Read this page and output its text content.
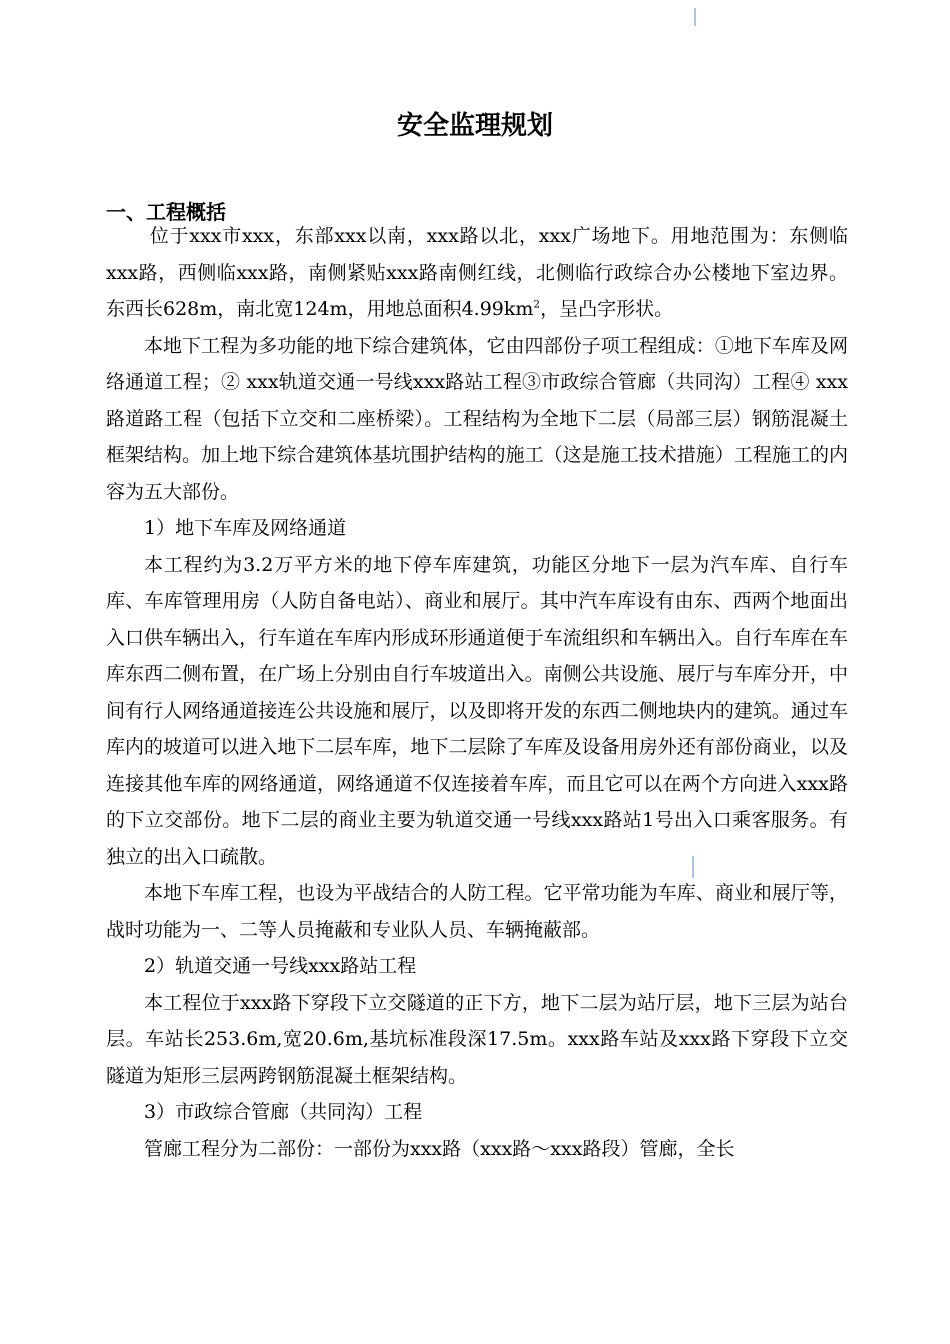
安全监理规划
一、工程概括

位于xxx市xxx，东部xxx以南，xxx路以北，xxx广场地下。用地范围为：东侧临xxx路，西侧临xxx路，南侧紧贴xxx路南侧红线，北侧临行政综合办公楼地下室边界。东西长628m，南北宽124m，用地总面积$4.99km^2$，呈凸字形状。

本地下工程为多功能的地下综合建筑体，它由四部份子项工程组成：①地下车库及网络通道工程；② xxx轨道交通一号线xxx路站工程③市政综合管廊（共同沟）工程④ xxx路道路工程（包括下立交和二座桥梁）。工程结构为全地下二层（局部三层）钢筋混凝土框架结构。加上地下综合建筑体基坑围护结构的施工（这是施工技术措施）工程施工的内容为五大部份。

1）地下车库及网络通道

本工程约为3.2万平方米的地下停车库建筑，功能区分地下一层为汽车库、自行车库、车库管理用房（人防自备电站）、商业和展厅。其中汽车库设有由东、西两个地面出入口供车辆出入，行车道在车库内形成环形通道便于车流组织和车辆出入。自行车库在车库东西二侧布置，在广场上分别由自行车坡道出入。南侧公共设施、展厅与车库分开，中间有行人网络通道接连公共设施和展厅，以及即将开发的东西二侧地块内的建筑。通过车库内的坡道可以进入地下二层车库，地下二层除了车库及设备用房外还有部份商业，以及连接其他车库的网络通道，网络通道不仅连接着车库，而且它可以在两个方向进入xxx路的下立交部份。地下二层的商业主要为轨道交通一号线xxx路站1号出入口乘客服务。有独立的出入口疏散。

本地下车库工程，也设为平战结合的人防工程。它平常功能为车库、商业和展厅等，战时功能为一、二等人员掩蔽和专业队人员、车辆掩蔽部。

2）轨道交通一号线xxx路站工程

本工程位于xxx路下穿段下立交隧道的正下方，地下二层为站厅层，地下三层为站台层。车站长253.6m,宽20.6m,基坑标准段深17.5m。xxx路车站及xxx路下穿段下立交隧道为矩形三层两跨钢筋混凝土框架结构。

3）市政综合管廊（共同沟）工程

管廊工程分为二部份：一部份为xxx路（xxx路～xxx路段）管廊，全长
